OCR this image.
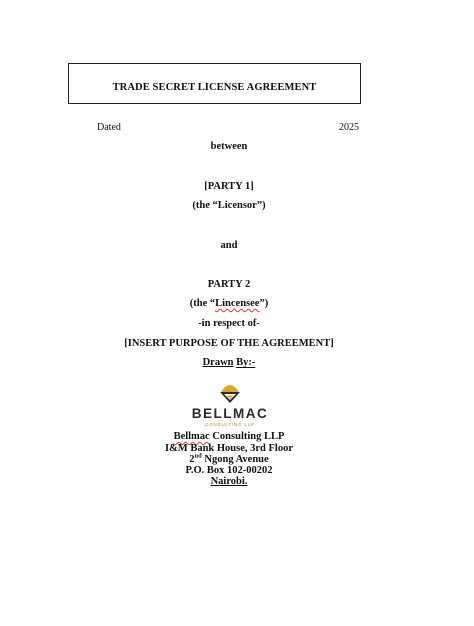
TRADE SECRET LICENSE AGREEMENT
Dated	2025
between
[PARTY 1]
(the “Licensor”)
and
PARTY 2
(the “Lincensee”)
-in respect of-
[INSERT PURPOSE OF THE AGREEMENT]
Drawn By:-
BELLMAC
CONSULTING LLP
Bellmac Consulting LLP
I&M Bank House, 3rd Floor
2nd Ngong Avenue
P.O. Box 102-00202
Nairobi.
